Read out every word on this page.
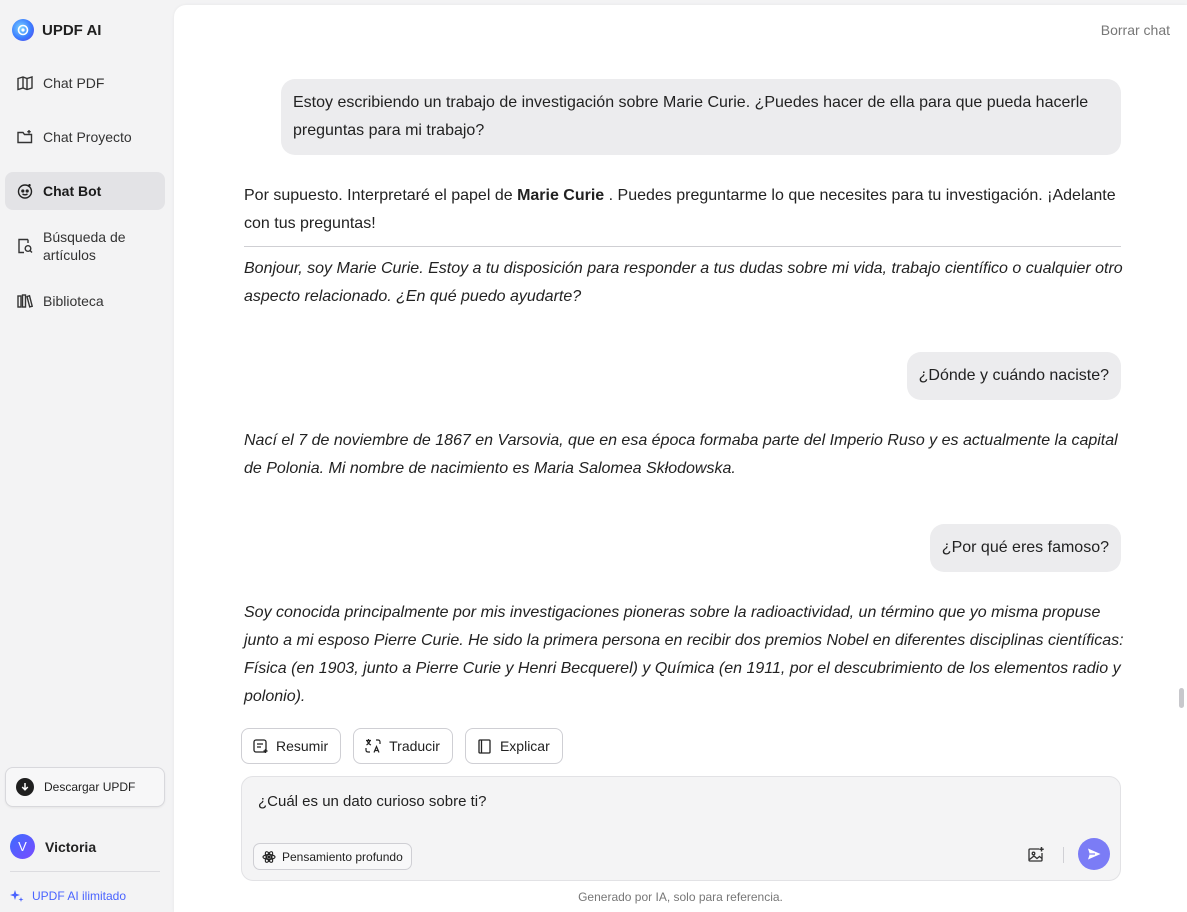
UPDF AI
Chat PDF
Chat Proyecto
Chat Bot
Búsqueda de artículos
Biblioteca
Descargar UPDF
V	Victoria
UPDF AI ilimitado
Borrar chat
Estoy escribiendo un trabajo de investigación sobre Marie Curie. ¿Puedes hacer de ella para que pueda hacerle preguntas para mi trabajo?
Por supuesto. Interpretaré el papel de Marie Curie . Puedes preguntarme lo que necesites para tu investigación. ¡Adelante con tus preguntas!
Bonjour, soy Marie Curie. Estoy a tu disposición para responder a tus dudas sobre mi vida, trabajo científico o cualquier otro aspecto relacionado. ¿En qué puedo ayudarte?
¿Dónde y cuándo naciste?
Nací el 7 de noviembre de 1867 en Varsovia, que en esa época formaba parte del Imperio Ruso y es actualmente la capital de Polonia. Mi nombre de nacimiento es Maria Salomea Skłodowska.
¿Por qué eres famoso?
Soy conocida principalmente por mis investigaciones pioneras sobre la radioactividad, un término que yo misma propuse junto a mi esposo Pierre Curie. He sido la primera persona en recibir dos premios Nobel en diferentes disciplinas científicas: Física (en 1903, junto a Pierre Curie y Henri Becquerel) y Química (en 1911, por el descubrimiento de los elementos radio y polonio).
Resumir	Traducir	Explicar
¿Cuál es un dato curioso sobre ti?
Pensamiento profundo
Generado por IA, solo para referencia.
